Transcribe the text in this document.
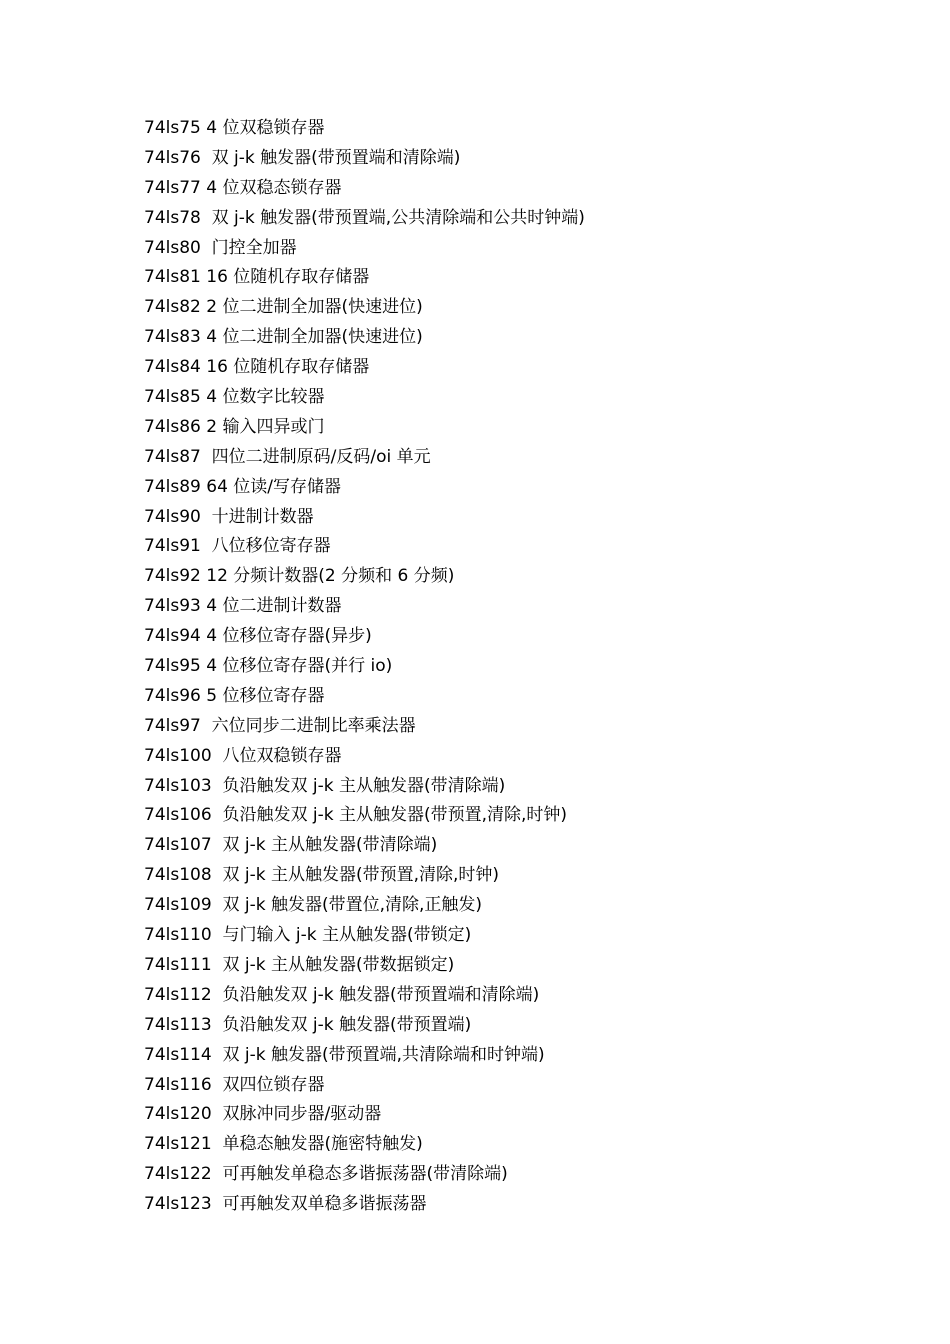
74ls75 4 位双稳锁存器
74ls76  双 j-k 触发器(带预置端和清除端)
74ls77 4 位双稳态锁存器
74ls78  双 j-k 触发器(带预置端,公共清除端和公共时钟端)
74ls80  门控全加器
74ls81 16 位随机存取存储器
74ls82 2 位二进制全加器(快速进位)
74ls83 4 位二进制全加器(快速进位)
74ls84 16 位随机存取存储器
74ls85 4 位数字比较器
74ls86 2 输入四异或门
74ls87  四位二进制原码/反码/oi 单元
74ls89 64 位读/写存储器
74ls90  十进制计数器
74ls91  八位移位寄存器
74ls92 12 分频计数器(2 分频和 6 分频)
74ls93 4 位二进制计数器
74ls94 4 位移位寄存器(异步)
74ls95 4 位移位寄存器(并行 io)
74ls96 5 位移位寄存器
74ls97  六位同步二进制比率乘法器
74ls100  八位双稳锁存器
74ls103  负沿触发双 j-k 主从触发器(带清除端)
74ls106  负沿触发双 j-k 主从触发器(带预置,清除,时钟)
74ls107  双 j-k 主从触发器(带清除端)
74ls108  双 j-k 主从触发器(带预置,清除,时钟)
74ls109  双 j-k 触发器(带置位,清除,正触发)
74ls110  与门输入 j-k 主从触发器(带锁定)
74ls111  双 j-k 主从触发器(带数据锁定)
74ls112  负沿触发双 j-k 触发器(带预置端和清除端)
74ls113  负沿触发双 j-k 触发器(带预置端)
74ls114  双 j-k 触发器(带预置端,共清除端和时钟端)
74ls116  双四位锁存器
74ls120  双脉冲同步器/驱动器
74ls121  单稳态触发器(施密特触发)
74ls122  可再触发单稳态多谐振荡器(带清除端)
74ls123  可再触发双单稳多谐振荡器
